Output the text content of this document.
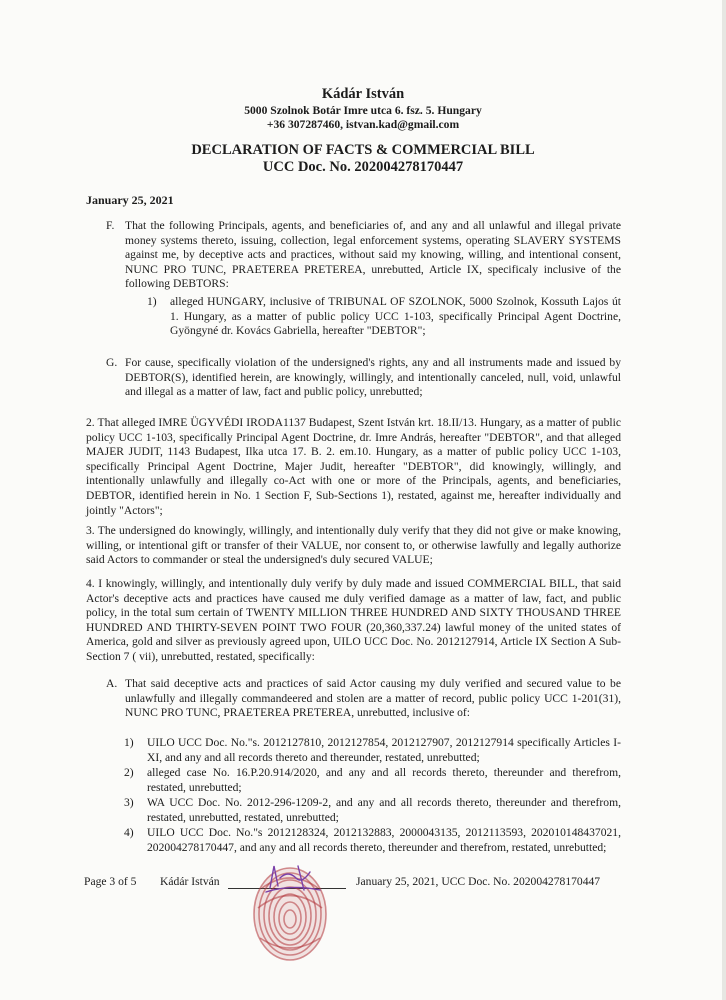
Kádár István
5000 Szolnok Botár Imre utca 6. fsz. 5. Hungary
+36 307287460, istvan.kad@gmail.com
DECLARATION OF FACTS & COMMERCIAL BILL
UCC Doc. No. 202004278170447
January 25, 2021
F. That the following Principals, agents, and beneficiaries of, and any and all unlawful and illegal private money systems thereto, issuing, collection, legal enforcement systems, operating SLAVERY SYSTEMS against me, by deceptive acts and practices, without said my knowing, willing, and intentional consent, NUNC PRO TUNC, PRAETEREA PRETEREA, unrebutted, Article IX, specificaly inclusive of the following DEBTORS:
1) alleged HUNGARY, inclusive of TRIBUNAL OF SZOLNOK, 5000 Szolnok, Kossuth Lajos út 1. Hungary, as a matter of public policy UCC 1-103, specifically Principal Agent Doctrine, Gyöngyné dr. Kovács Gabriella, hereafter "DEBTOR";
G. For cause, specifically violation of the undersigned's rights, any and all instruments made and issued by DEBTOR(S), identified herein, are knowingly, willingly, and intentionally canceled, null, void, unlawful and illegal as a matter of law, fact and public policy, unrebutted;
2. That alleged IMRE ÜGYVÉDI IRODA1137 Budapest, Szent István krt. 18.II/13. Hungary, as a matter of public policy UCC 1-103, specifically Principal Agent Doctrine, dr. Imre András, hereafter "DEBTOR", and that alleged MAJER JUDIT, 1143 Budapest, Ilka utca 17. B. 2. em.10. Hungary, as a matter of public policy UCC 1-103, specifically Principal Agent Doctrine, Majer Judit, hereafter "DEBTOR", did knowingly, willingly, and intentionally unlawfully and illegally co-Act with one or more of the Principals, agents, and beneficiaries, DEBTOR, identified herein in No. 1 Section F, Sub-Sections 1), restated, against me, hereafter individually and jointly "Actors";
3. The undersigned do knowingly, willingly, and intentionally duly verify that they did not give or make knowing, willing, or intentional gift or transfer of their VALUE, nor consent to, or otherwise lawfully and legally authorize said Actors to commander or steal the undersigned's duly secured VALUE;
4. I knowingly, willingly, and intentionally duly verify by duly made and issued COMMERCIAL BILL, that said Actor's deceptive acts and practices have caused me duly verified damage as a matter of law, fact, and public policy, in the total sum certain of TWENTY MILLION THREE HUNDRED AND SIXTY THOUSAND THREE HUNDRED AND THIRTY-SEVEN POINT TWO FOUR (20,360,337.24) lawful money of the united states of America, gold and silver as previously agreed upon, UILO UCC Doc. No. 2012127914, Article IX Section A Sub-Section 7 ( vii), unrebutted, restated, specifically:
A. That said deceptive acts and practices of said Actor causing my duly verified and secured value to be unlawfully and illegally commandeered and stolen are a matter of record, public policy UCC 1-201(31), NUNC PRO TUNC, PRAETEREA PRETEREA, unrebutted, inclusive of:
1) UILO UCC Doc. No."s. 2012127810, 2012127854, 2012127907, 2012127914 specifically Articles I-XI, and any and all records thereto and thereunder, restated, unrebutted;
2) alleged case No. 16.P.20.914/2020, and any and all records thereto, thereunder and therefrom, restated, unrebutted;
3) WA UCC Doc. No. 2012-296-1209-2, and any and all records thereto, thereunder and therefrom, restated, unrebutted, restated, unrebutted;
4) UILO UCC Doc. No."s 2012128324, 2012132883, 2000043135, 2012113593, 202010148437021, 202004278170447, and any and all records thereto, thereunder and therefrom, restated, unrebutted;
Page 3 of 5 Kádár István	January 25, 2021, UCC Doc. No. 202004278170447
